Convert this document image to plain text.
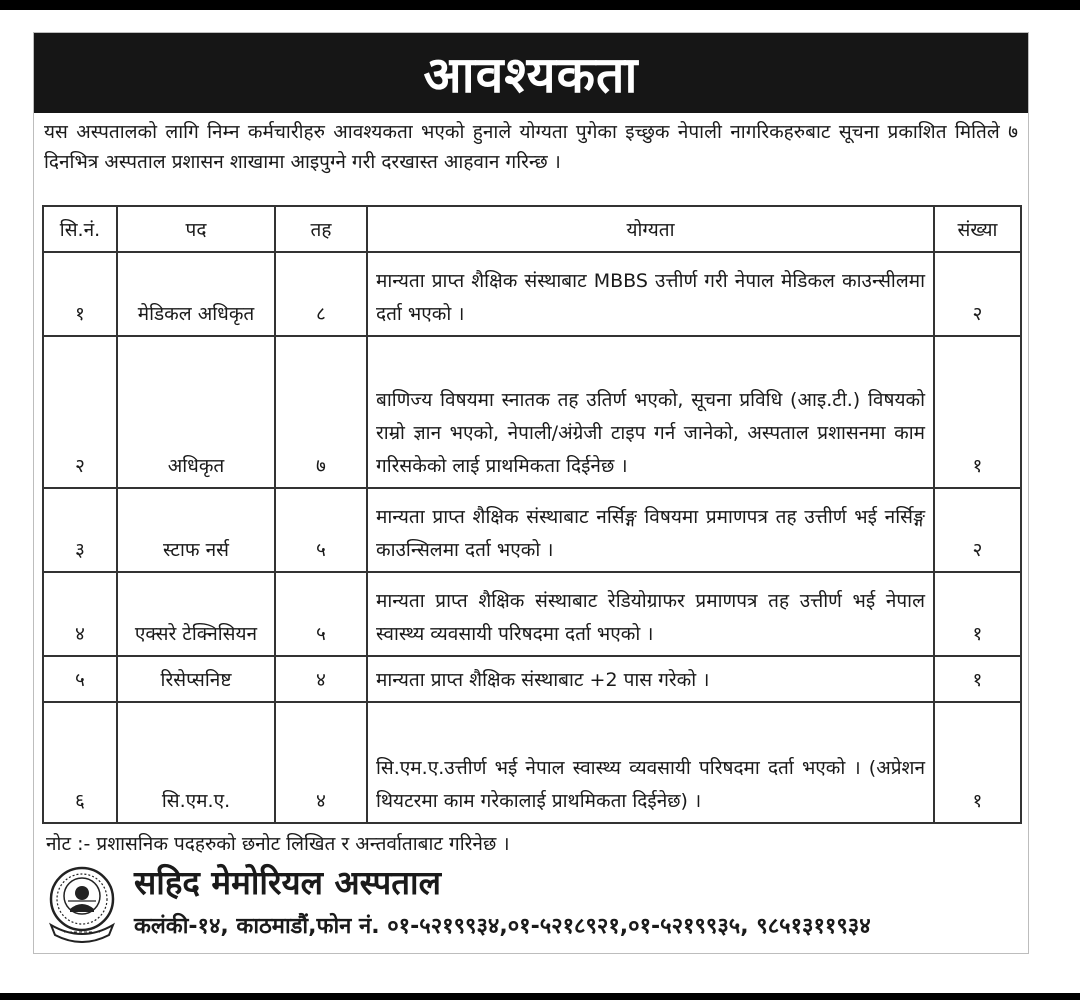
आवश्यकता
यस अस्पतालको लागि निम्न कर्मचारीहरु आवश्यकता भएको हुनाले योग्यता पुगेका इच्छुक नेपाली नागरिकहरुबाट सूचना प्रकाशित मितिले ७ दिनभित्र अस्पताल प्रशासन शाखामा आइपुग्ने गरी दरखास्त आहवान गरिन्छ ।
सि.नं.	पद	तह	योग्यता	संख्या
१	मेडिकल अधिकृत	८	मान्यता प्राप्त शैक्षिक संस्थाबाट MBBS उत्तीर्ण गरी नेपाल मेडिकल काउन्सीलमा दर्ता भएको ।	२
२	अधिकृत	७	बाणिज्य विषयमा स्नातक तह उतिर्ण भएको, सूचना प्रविधि (आइ.टी.) विषयको राम्रो ज्ञान भएको, नेपाली/अंग्रेजी टाइप गर्न जानेको, अस्पताल प्रशासनमा काम गरिसकेको लाई प्राथमिकता दिईनेछ ।	१
३	स्टाफ नर्स	५	मान्यता प्राप्त शैक्षिक संस्थाबाट नर्सिङ्ग विषयमा प्रमाणपत्र तह उत्तीर्ण भई नर्सिङ्ग काउन्सिलमा दर्ता भएको ।	२
४	एक्सरे टेक्निसियन	५	मान्यता प्राप्त शैक्षिक संस्थाबाट रेडियोग्राफर प्रमाणपत्र तह उत्तीर्ण भई नेपाल स्वास्थ्य व्यवसायी परिषदमा दर्ता भएको ।	१
५	रिसेप्सनिष्ट	४	मान्यता प्राप्त शैक्षिक संस्थाबाट +2 पास गरेको ।	१
६	सि.एम.ए.	४	सि.एम.ए.उत्तीर्ण भई नेपाल स्वास्थ्य व्यवसायी परिषदमा दर्ता भएको । (अप्रेशन थियटरमा काम गरेकालाई प्राथमिकता दिईनेछ) ।	१
नोट :- प्रशासनिक पदहरुको छनोट लिखित र अन्तर्वाताबाट गरिनेछ ।
सहिद मेमोरियल अस्पताल
कलंकी-१४, काठमाडौं,फोन नं. ०१-५२१९९३४,०१-५२१८९२१,०१-५२१९९३५, ९८५१३११९३४
